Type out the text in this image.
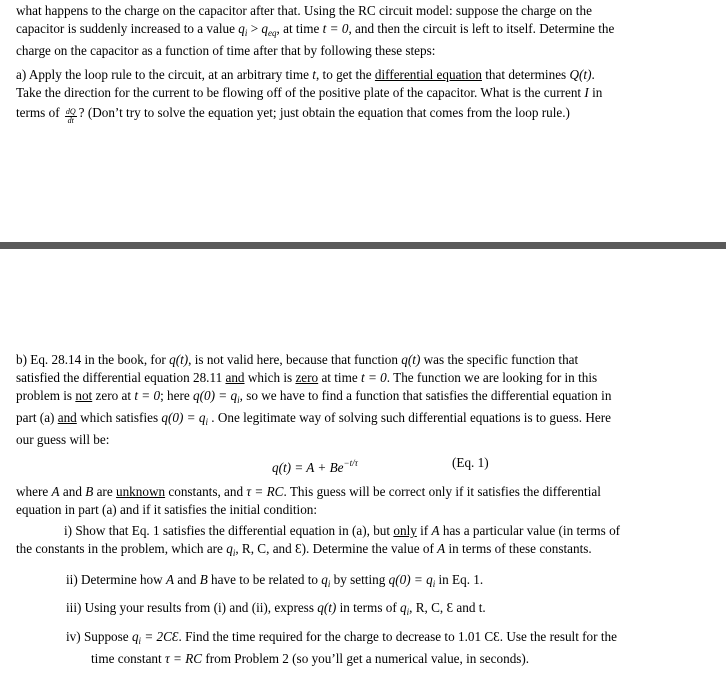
what happens to the charge on the capacitor after that. Using the RC circuit model: suppose the charge on the

capacitor is suddenly increased to a value $q_i > q_{eq}$, at time t = 0, and then the circuit is left to itself. Determine the

charge on the capacitor as a function of time after that by following these steps:

a) Apply the loop rule to the circuit, at an arbitrary time t, to get the differential equation that determines Q(t).

Take the direction for the current to be flowing off of the positive plate of the capacitor. What is the current I in

terms of $\frac{dQ}{dt}$ ? (Don’t try to solve the equation yet; just obtain the equation that comes from the loop rule.)

b) Eq. 28.14 in the book, for q(t), is not valid here, because that function q(t) was the specific function that

satisfied the differential equation 28.11 and which is zero at time t = 0. The function we are looking for in this

problem is not zero at t = 0; here $q(0) = q_i$, so we have to find a function that satisfies the differential equation in

part (a) and which satisfies $q(0) = q_i$ . One legitimate way of solving such differential equations is to guess. Here

our guess will be:

$q(t) = A + Be^{-t/\tau}$	(Eq. 1)

where A and B are unknown constants, and τ = RC. This guess will be correct only if it satisfies the differential

equation in part (a) and if it satisfies the initial condition:

i) Show that Eq. 1 satisfies the differential equation in (a), but only if A has a particular value (in terms of

the constants in the problem, which are $q_i$, R, C, and Ɛ). Determine the value of A in terms of these constants.

ii) Determine how A and B have to be related to $q_i$ by setting $q(0) = q_i$ in Eq. 1.

iii) Using your results from (i) and (ii), express q(t) in terms of $q_i$, R, C, Ɛ and t.

iv) Suppose $q_i$ = 2CƐ. Find the time required for the charge to decrease to 1.01 CƐ. Use the result for the

time constant τ = RC from Problem 2 (so you’ll get a numerical value, in seconds).
